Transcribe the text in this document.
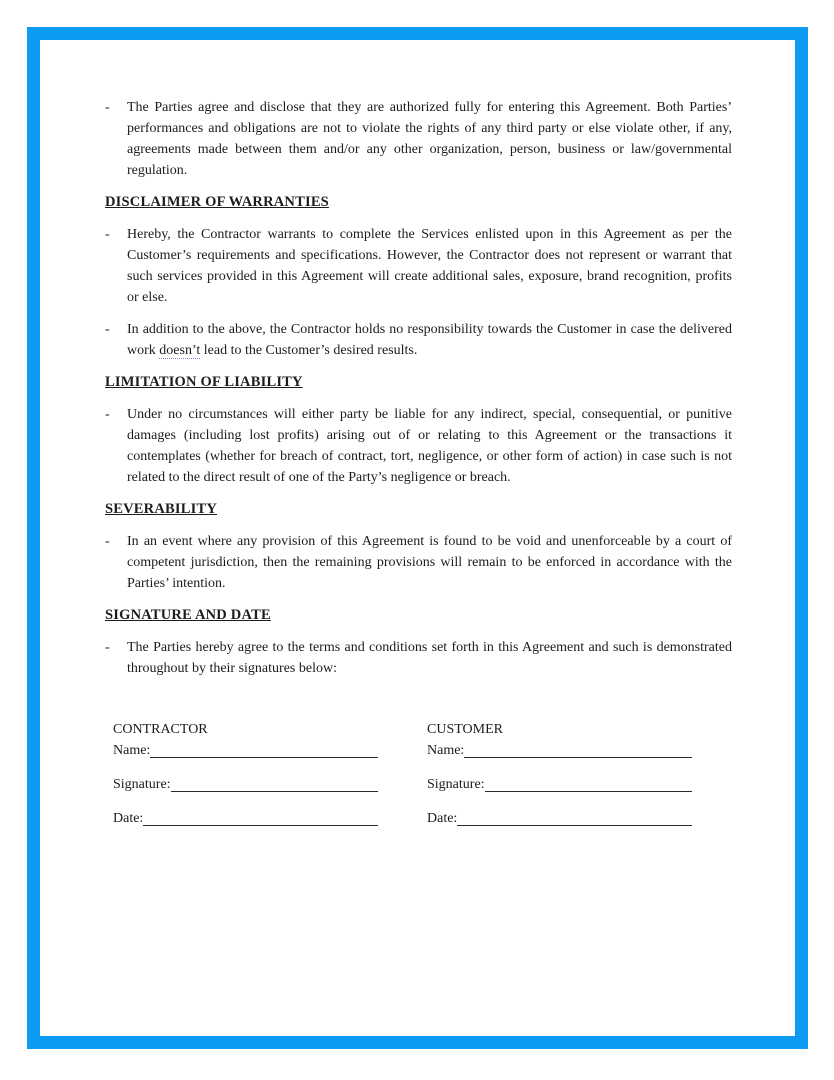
-	The Parties agree and disclose that they are authorized fully for entering this Agreement. Both Parties’ performances and obligations are not to violate the rights of any third party or else violate other, if any, agreements made between them and/or any other organization, person, business or law/governmental regulation.
DISCLAIMER OF WARRANTIES
-	Hereby, the Contractor warrants to complete the Services enlisted upon in this Agreement as per the Customer’s requirements and specifications. However, the Contractor does not represent or warrant that such services provided in this Agreement will create additional sales, exposure, brand recognition, profits or else.
-	In addition to the above, the Contractor holds no responsibility towards the Customer in case the delivered work doesn’t lead to the Customer’s desired results.
LIMITATION OF LIABILITY
-	Under no circumstances will either party be liable for any indirect, special, consequential, or punitive damages (including lost profits) arising out of or relating to this Agreement or the transactions it contemplates (whether for breach of contract, tort, negligence, or other form of action) in case such is not related to the direct result of one of the Party’s negligence or breach.
SEVERABILITY
-	In an event where any provision of this Agreement is found to be void and unenforceable by a court of competent jurisdiction, then the remaining provisions will remain to be enforced in accordance with the Parties’ intention.
SIGNATURE AND DATE
-	The Parties hereby agree to the terms and conditions set forth in this Agreement and such is demonstrated throughout by their signatures below:
CONTRACTOR
Name:
Signature:
Date:
CUSTOMER
Name:
Signature:
Date:
